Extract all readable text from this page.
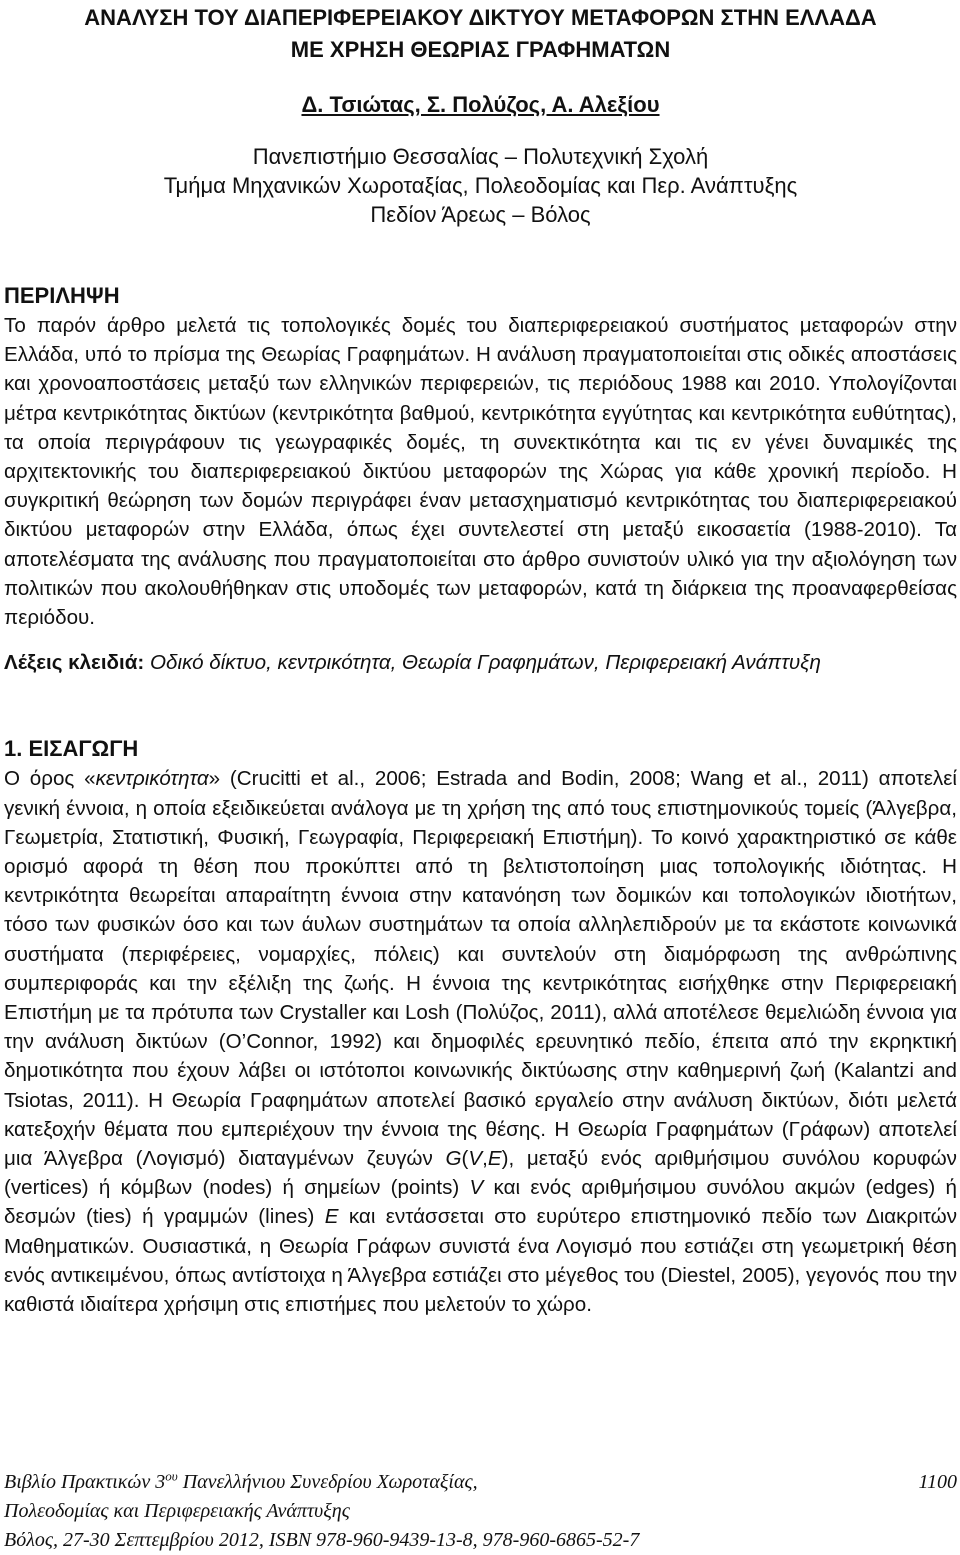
ΑΝΑΛΥΣΗ ΤΟΥ ΔΙΑΠΕΡΙΦΕΡΕΙΑΚΟΥ ΔΙΚΤΥΟΥ ΜΕΤΑΦΟΡΩΝ ΣΤΗΝ ΕΛΛΑΔΑ
ΜΕ ΧΡΗΣΗ ΘΕΩΡΙΑΣ ΓΡΑΦΗΜΑΤΩΝ
Δ. Τσιώτας, Σ. Πολύζος, Α. Αλεξίου
Πανεπιστήμιο Θεσσαλίας – Πολυτεχνική Σχολή
Τμήμα Μηχανικών Χωροταξίας, Πολεοδομίας και Περ. Ανάπτυξης
Πεδίον Άρεως – Βόλος
ΠΕΡΙΛΗΨΗ

Το παρόν άρθρο μελετά τις τοπολογικές δομές του διαπεριφερειακού συστήματος μεταφορών στην Ελλάδα, υπό το πρίσμα της Θεωρίας Γραφημάτων. Η ανάλυση πραγματοποιείται στις οδικές αποστάσεις και χρονοαποστάσεις μεταξύ των ελληνικών περιφερειών, τις περιόδους 1988 και 2010. Υπολογίζονται μέτρα κεντρικότητας δικτύων (κεντρικότητα βαθμού, κεντρικότητα εγγύτητας και κεντρικότητα ευθύτητας), τα οποία περιγράφουν τις γεωγραφικές δομές, τη συνεκτικότητα και τις εν γένει δυναμικές της αρχιτεκτονικής του διαπεριφερειακού δικτύου μεταφορών της Χώρας για κάθε χρονική περίοδο. Η συγκριτική θεώρηση των δομών περιγράφει έναν μετασχηματισμό κεντρικότητας του διαπεριφερειακού δικτύου μεταφορών στην Ελλάδα, όπως έχει συντελεστεί στη μεταξύ εικοσαετία (1988-2010). Τα αποτελέσματα της ανάλυσης που πραγματοποιείται στο άρθρο συνιστούν υλικό για την αξιολόγηση των πολιτικών που ακολουθήθηκαν στις υποδομές των μεταφορών, κατά τη διάρκεια της προαναφερθείσας περιόδου.

Λέξεις κλειδιά: Οδικό δίκτυο, κεντρικότητα, Θεωρία Γραφημάτων, Περιφερειακή Ανάπτυξη

1. ΕΙΣΑΓΩΓΗ

Ο όρος «κεντρικότητα» (Crucitti et al., 2006; Estrada and Bodin, 2008; Wang et al., 2011) αποτελεί γενική έννοια, η οποία εξειδικεύεται ανάλογα με τη χρήση της από τους επιστημονικούς τομείς (Άλγεβρα, Γεωμετρία, Στατιστική, Φυσική, Γεωγραφία, Περιφερειακή Επιστήμη). Το κοινό χαρακτηριστικό σε κάθε ορισμό αφορά τη θέση που προκύπτει από τη βελτιστοποίηση μιας τοπολογικής ιδιότητας. Η κεντρικότητα θεωρείται απαραίτητη έννοια στην κατανόηση των δομικών και τοπολογικών ιδιοτήτων, τόσο των φυσικών όσο και των άυλων συστημάτων τα οποία αλληλεπιδρούν με τα εκάστοτε κοινωνικά συστήματα (περιφέρειες, νομαρχίες, πόλεις) και συντελούν στη διαμόρφωση της ανθρώπινης συμπεριφοράς και την εξέλιξη της ζωής. Η έννοια της κεντρικότητας εισήχθηκε στην Περιφερειακή Επιστήμη με τα πρότυπα των Crystaller και Losh (Πολύζος, 2011), αλλά αποτέλεσε θεμελιώδη έννοια για την ανάλυση δικτύων (O’Connor, 1992) και δημοφιλές ερευνητικό πεδίο, έπειτα από την εκρηκτική δημοτικότητα που έχουν λάβει οι ιστότοποι κοινωνικής δικτύωσης στην καθημερινή ζωή (Kalantzi and Tsiotas, 2011). Η Θεωρία Γραφημάτων αποτελεί βασικό εργαλείο στην ανάλυση δικτύων, διότι μελετά κατεξοχήν θέματα που εμπεριέχουν την έννοια της θέσης. Η Θεωρία Γραφημάτων (Γράφων) αποτελεί μια Άλγεβρα (Λογισμό) διαταγμένων ζευγών G(V,E), μεταξύ ενός αριθμήσιμου συνόλου κορυφών (vertices) ή κόμβων (nodes) ή σημείων (points) V και ενός αριθμήσιμου συνόλου ακμών (edges) ή δεσμών (ties) ή γραμμών (lines) E και εντάσσεται στο ευρύτερο επιστημονικό πεδίο των Διακριτών Μαθηματικών. Ουσιαστικά, η Θεωρία Γράφων συνιστά ένα Λογισμό που εστιάζει στη γεωμετρική θέση ενός αντικειμένου, όπως αντίστοιχα η Άλγεβρα εστιάζει στο μέγεθος του (Diestel, 2005), γεγονός που την καθιστά ιδιαίτερα χρήσιμη στις επιστήμες που μελετούν το χώρο.

Βιβλίο Πρακτικών $3^{o\upsilon}$ Πανελλήνιου Συνεδρίου Χωροταξίας,	1100
Πολεοδομίας και Περιφερειακής Ανάπτυξης
Βόλος, 27-30 Σεπτεμβρίου 2012, ISBN 978-960-9439-13-8, 978-960-6865-52-7
